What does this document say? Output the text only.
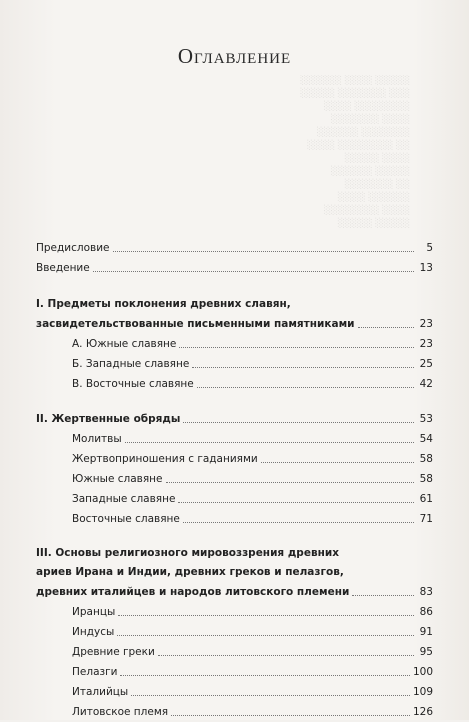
░░░░░░ ░░░░ ░░░░░
░░░░░ ░░░░░░░ ░░░
░░░░ ░░░░░░░░
░░░░░░░ ░░░░
░░░░░░ ░░░░░░░
░░░░ ░░░░░░░░ ░░
░░░░░ ░░░░
░░░░░░ ░░░░░
░░░░░░░ ░░
░░░░ ░░░░░░
░░░░░░░░ ░░░░
░░░░░ ░░░░░
Оглавление
Предисловие	5
Введение	13
I. Предметы поклонения древних славян,
засвидетельствованные письменными памятниками	23
А. Южные славяне	23
Б. Западные славяне	25
В. Восточные славяне	42
II. Жертвенные обряды	53
Молитвы	54
Жертвоприношения с гаданиями	58
Южные славяне	58
Западные славяне	61
Восточные славяне	71
III. Основы религиозного мировоззрения древних
ариев Ирана и Индии, древних греков и пелазгов,
древних италийцев и народов литовского племени	83
Иранцы	86
Индусы	91
Древние греки	95
Пелазги	100
Италийцы	109
Литовское племя	126
